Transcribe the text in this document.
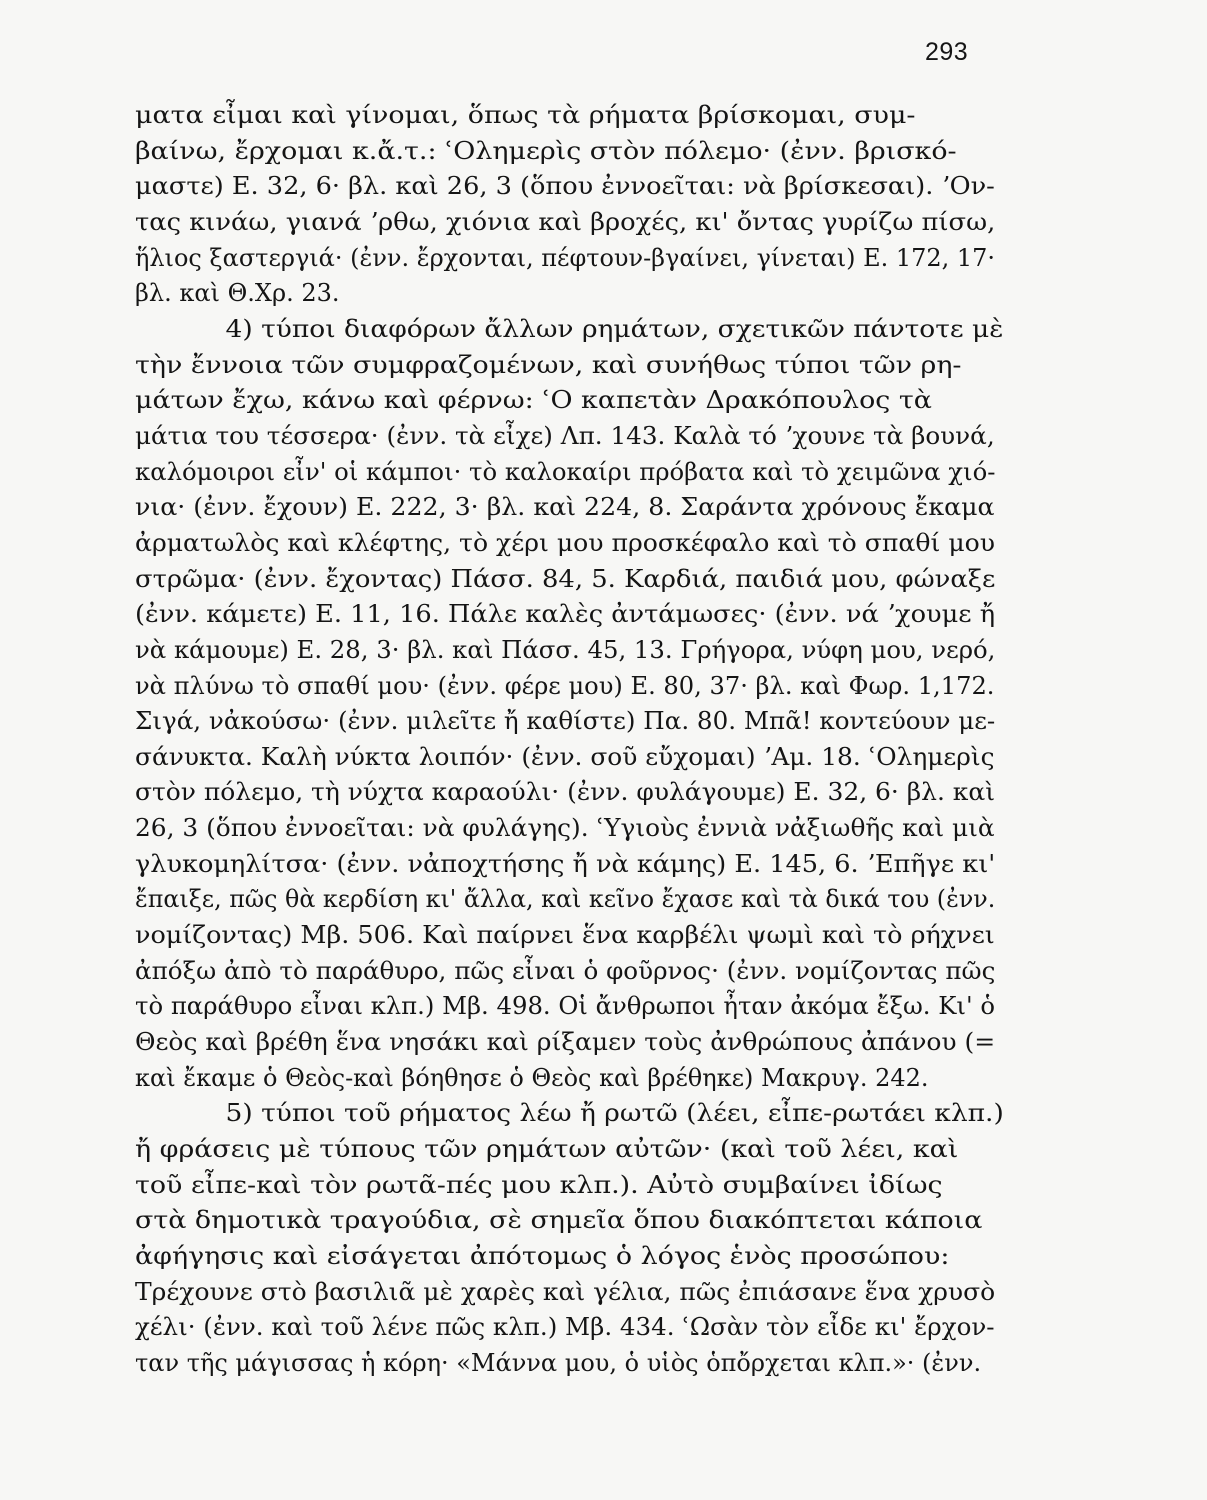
293
ματα εἶμαι καὶ γίνομαι, ὅπως τὰ ρήματα βρίσκομαι, συμ-
βαίνω, ἔρχομαι κ.ἄ.τ.: ʿΟλημερὶς στὸν πόλεμο· (ἐνν. βρισκό-
μαστε) Ε. 32, 6· βλ. καὶ 26, 3 (ὅπου ἐννοεῖται: νὰ βρίσκεσαι). ʼΟν-
τας κινάω, γιανά ʼρθω, χιόνια καὶ βροχές, κι' ὄντας γυρίζω πίσω,
ἥλιος ξαστεργιά· (ἐνν. ἔρχονται, πέφτουν-βγαίνει, γίνεται) Ε. 172, 17·
βλ. καὶ Θ.Χρ. 23.
4) τύποι διαφόρων ἄλλων ρημάτων, σχετικῶν πάντοτε μὲ
τὴν ἔννοια τῶν συμφραζομένων, καὶ συνήθως τύποι τῶν ρη-
μάτων ἔχω, κάνω καὶ φέρνω: ʿΟ καπετὰν Δρακόπουλος τὰ
μάτια του τέσσερα· (ἐνν. τὰ εἶχε) Λπ. 143. Καλὰ τό ʼχουνε τὰ βουνά,
καλόμοιροι εἶν' οἱ κάμποι· τὸ καλοκαίρι πρόβατα καὶ τὸ χειμῶνα χιό-
νια· (ἐνν. ἔχουν) Ε. 222, 3· βλ. καὶ 224, 8. Σαράντα χρόνους ἔκαμα
ἀρματωλὸς καὶ κλέφτης, τὸ χέρι μου προσκέφαλο καὶ τὸ σπαθί μου
στρῶμα· (ἐνν. ἔχοντας) Πάσσ. 84, 5. Καρδιά, παιδιά μου, φώναξε
(ἐνν. κάμετε) Ε. 11, 16. Πάλε καλὲς ἀντάμωσες· (ἐνν. νά ʼχουμε ἤ
νὰ κάμουμε) Ε. 28, 3· βλ. καὶ Πάσσ. 45, 13. Γρήγορα, νύφη μου, νερό,
νὰ πλύνω τὸ σπαθί μου· (ἐνν. φέρε μου) Ε. 80, 37· βλ. καὶ Φωρ. 1,172.
Σιγά, νἀκούσω· (ἐνν. μιλεῖτε ἤ καθίστε) Πα. 80. Μπᾶ! κοντεύουν με-
σάνυκτα. Καλὴ νύκτα λοιπόν· (ἐνν. σοῦ εὔχομαι) ʼΑμ. 18. ʿΟλημερὶς
στὸν πόλεμο, τὴ νύχτα καραούλι· (ἐνν. φυλάγουμε) Ε. 32, 6· βλ. καὶ
26, 3 (ὅπου ἐννοεῖται: νὰ φυλάγης). ʿΥγιοὺς ἐννιὰ νἀξιωθῆς καὶ μιὰ
γλυκομηλίτσα· (ἐνν. νἀποχτήσης ἤ νὰ κάμης) Ε. 145, 6. ʼΕπῆγε κι'
ἔπαιξε, πῶς θὰ κερδίση κι' ἄλλα, καὶ κεῖνο ἔχασε καὶ τὰ δικά του (ἐνν.
νομίζοντας) Μβ. 506. Καὶ παίρνει ἕνα καρβέλι ψωμὶ καὶ τὸ ρήχνει
ἀπόξω ἀπὸ τὸ παράθυρο, πῶς εἶναι ὁ φοῦρνος· (ἐνν. νομίζοντας πῶς
τὸ παράθυρο εἶναι κλπ.) Μβ. 498. Οἱ ἄνθρωποι ἦταν ἀκόμα ἔξω. Κι' ὁ
Θεὸς καὶ βρέθη ἕνα νησάκι καὶ ρίξαμεν τοὺς ἀνθρώπους ἀπάνου (=
καὶ ἔκαμε ὁ Θεὸς-καὶ βόηθησε ὁ Θεὸς καὶ βρέθηκε) Μακρυγ. 242.
5) τύποι τοῦ ρήματος λέω ἤ ρωτῶ (λέει, εἶπε-ρωτάει κλπ.)
ἤ φράσεις μὲ τύπους τῶν ρημάτων αὐτῶν· (καὶ τοῦ λέει, καὶ
τοῦ εἶπε-καὶ τὸν ρωτᾶ-πές μου κλπ.). Αὐτὸ συμβαίνει ἰδίως
στὰ δημοτικὰ τραγούδια, σὲ σημεῖα ὅπου διακόπτεται κάποια
ἀφήγησις καὶ εἰσάγεται ἀπότομως ὁ λόγος ἑνὸς προσώπου:
Τρέχουνε στὸ βασιλιᾶ μὲ χαρὲς καὶ γέλια, πῶς ἐπιάσανε ἕνα χρυσὸ
χέλι· (ἐνν. καὶ τοῦ λένε πῶς κλπ.) Μβ. 434. ʿΩσὰν τὸν εἶδε κι' ἔρχον-
ταν τῆς μάγισσας ἡ κόρη· «Μάννα μου, ὁ υἱὸς ὁπὄρχεται κλπ.»· (ἐνν.
